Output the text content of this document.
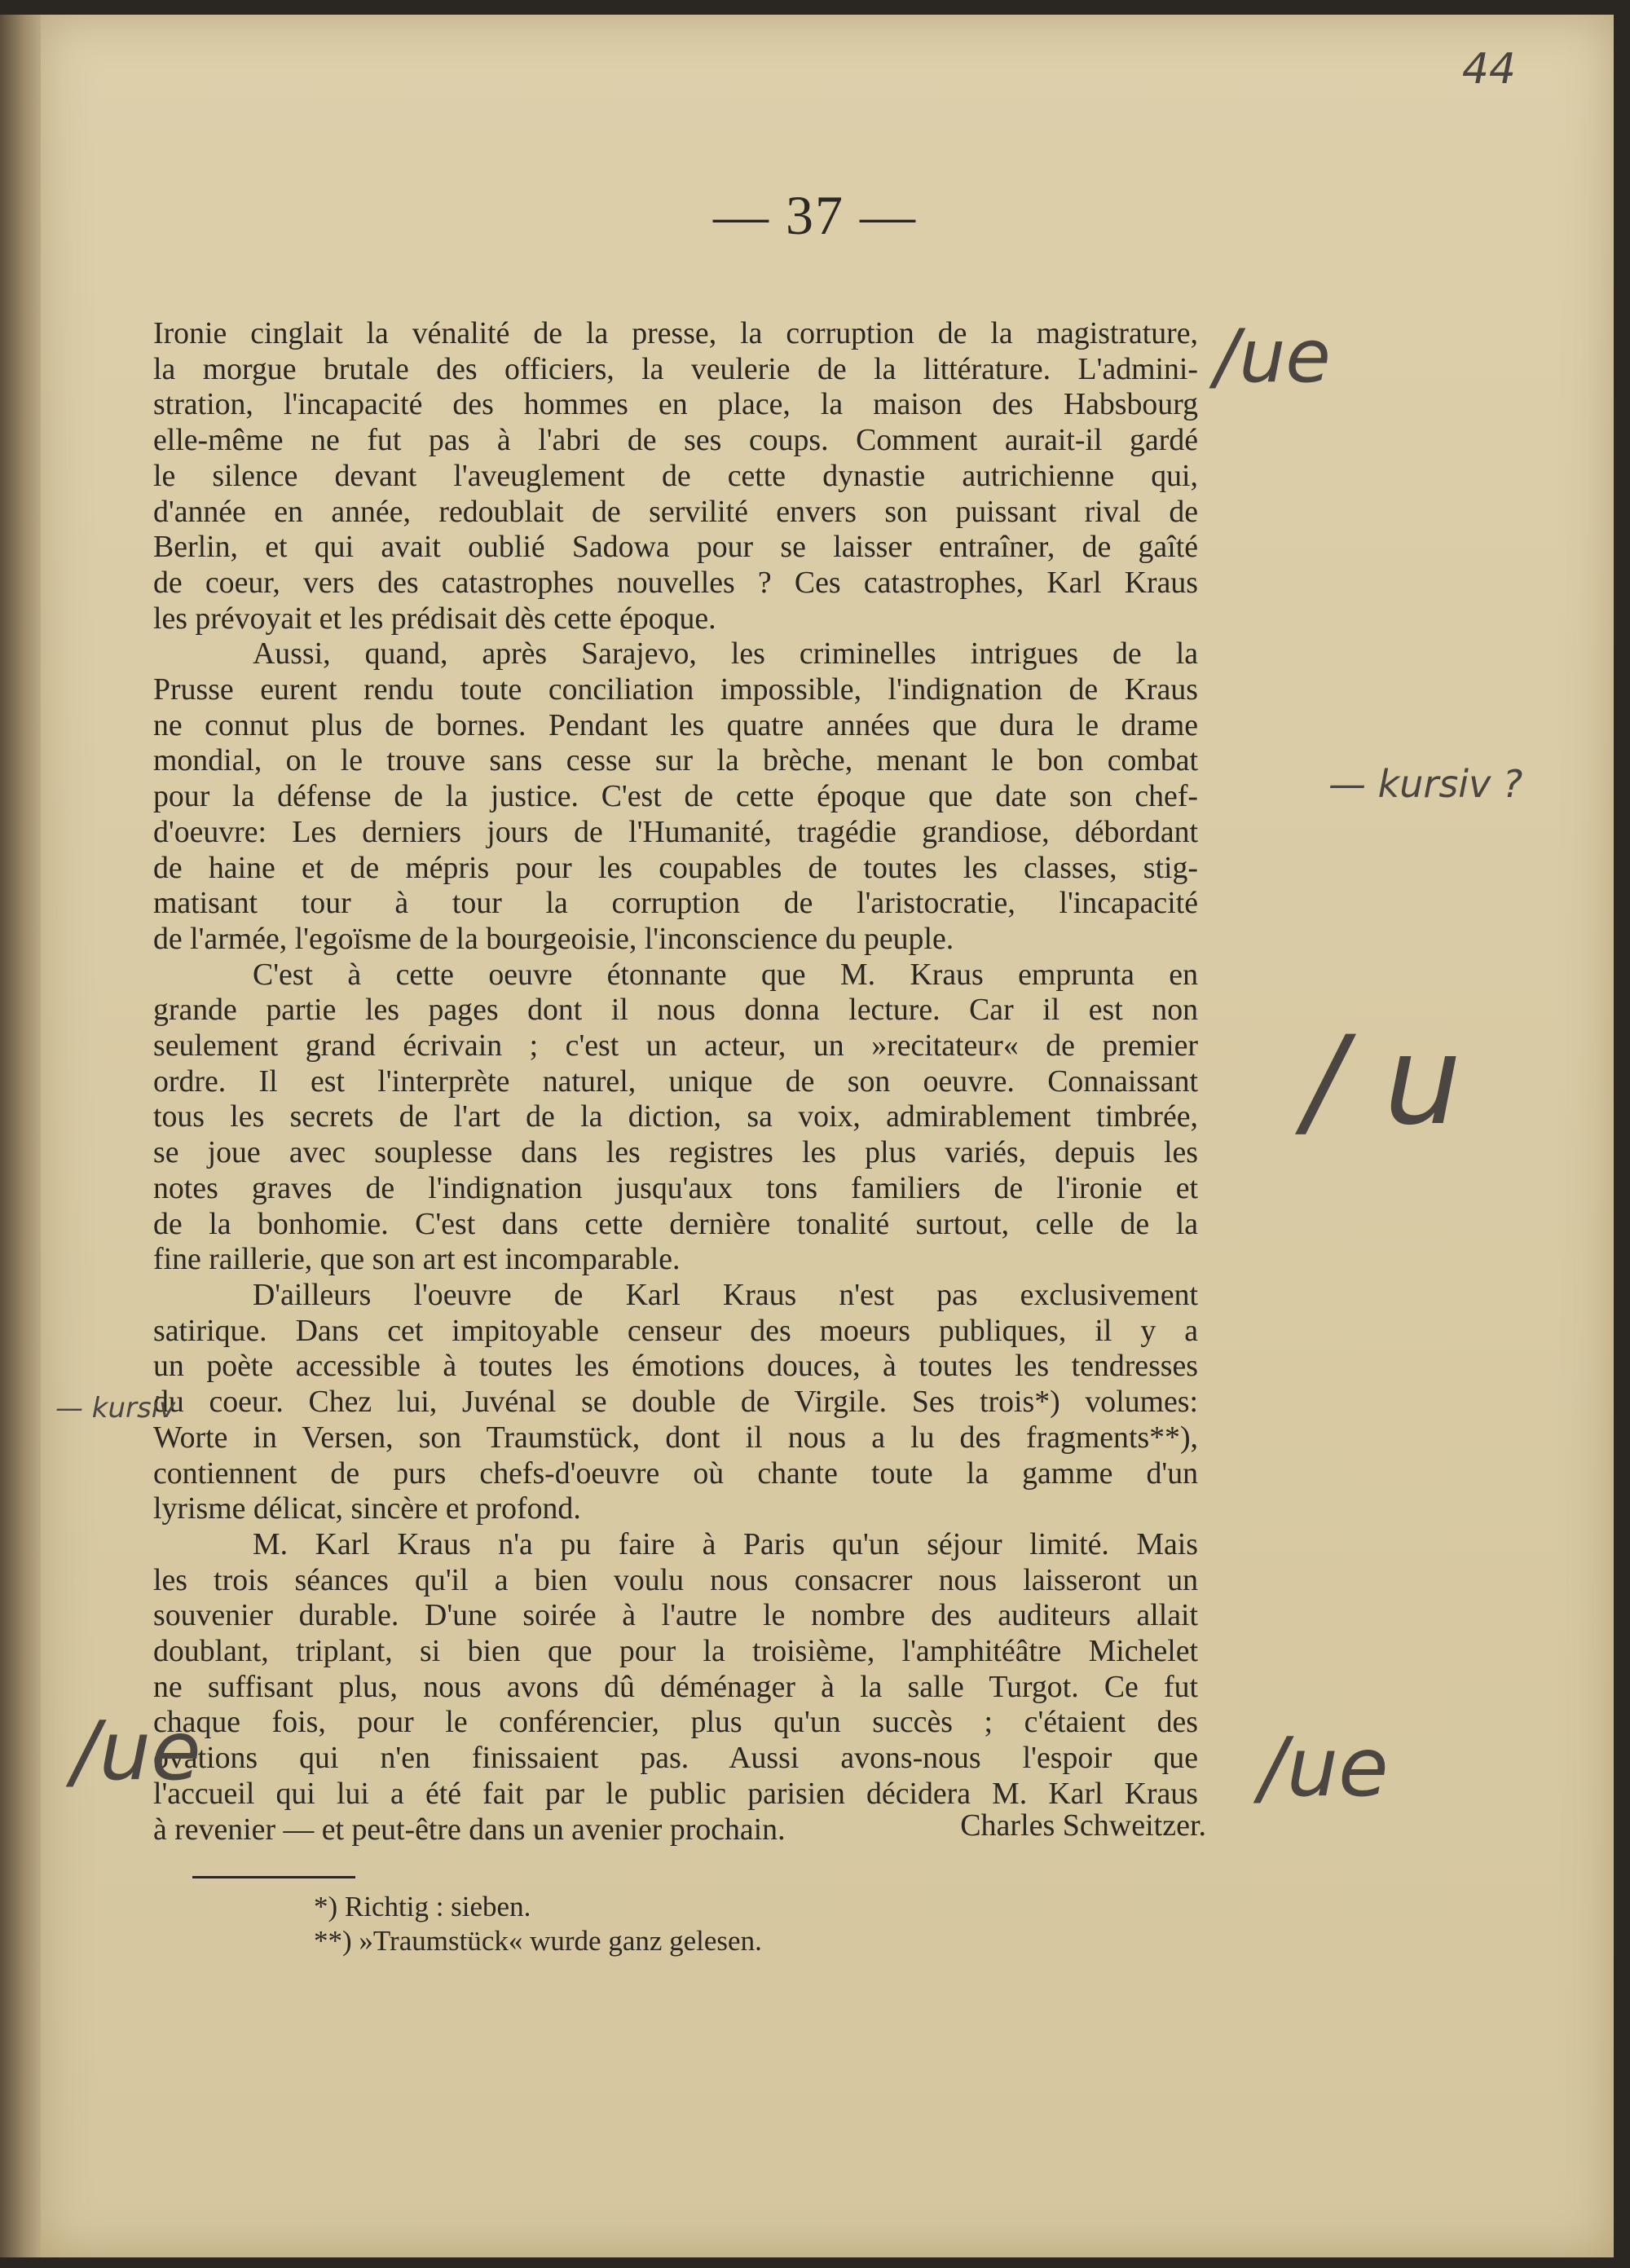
44
— 37 —

Ironie cinglait la vénalité de la presse, la corruption de la magistrature,

la morgue brutale des officiers, la veulerie de la littérature. L'admini-

stration, l'incapacité des hommes en place, la maison des Habsbourg

elle-même ne fut pas à l'abri de ses coups. Comment aurait-il gardé

le silence devant l'aveuglement de cette dynastie autrichienne qui,

d'année en année, redoublait de servilité envers son puissant rival de

Berlin, et qui avait oublié Sadowa pour se laisser entraîner, de gaîté

de coeur, vers des catastrophes nouvelles ? Ces catastrophes, Karl Kraus

les prévoyait et les prédisait dès cette époque.

Aussi, quand, après Sarajevo, les criminelles intrigues de la

Prusse eurent rendu toute conciliation impossible, l'indignation de Kraus

ne connut plus de bornes. Pendant les quatre années que dura le drame

mondial, on le trouve sans cesse sur la brèche, menant le bon combat

pour la défense de la justice. C'est de cette époque que date son chef-

d'oeuvre: Les derniers jours de l'Humanité, tragédie grandiose, débordant

de haine et de mépris pour les coupables de toutes les classes, stig-

matisant tour à tour la corruption de l'aristocratie, l'incapacité

de l'armée, l'egoïsme de la bourgeoisie, l'inconscience du peuple.

C'est à cette oeuvre étonnante que M. Kraus emprunta en

grande partie les pages dont il nous donna lecture. Car il est non

seulement grand écrivain ; c'est un acteur, un »recitateur« de premier

ordre. Il est l'interprète naturel, unique de son oeuvre. Connaissant

tous les secrets de l'art de la diction, sa voix, admirablement timbrée,

se joue avec souplesse dans les registres les plus variés, depuis les

notes graves de l'indignation jusqu'aux tons familiers de l'ironie et

de la bonhomie. C'est dans cette dernière tonalité surtout, celle de la

fine raillerie, que son art est incomparable.

D'ailleurs l'oeuvre de Karl Kraus n'est pas exclusivement

satirique. Dans cet impitoyable censeur des moeurs publiques, il y a

un poète accessible à toutes les émotions douces, à toutes les tendresses

du coeur. Chez lui, Juvénal se double de Virgile. Ses trois*) volumes:

Worte in Versen, son Traumstück, dont il nous a lu des fragments**),

contiennent de purs chefs-d'oeuvre où chante toute la gamme d'un

lyrisme délicat, sincère et profond.

M. Karl Kraus n'a pu faire à Paris qu'un séjour limité. Mais

les trois séances qu'il a bien voulu nous consacrer nous laisseront un

souvenier durable. D'une soirée à l'autre le nombre des auditeurs allait

doublant, triplant, si bien que pour la troisième, l'amphitéâtre Michelet

ne suffisant plus, nous avons dû déménager à la salle Turgot. Ce fut

chaque fois, pour le conférencier, plus qu'un succès ; c'étaient des

ovations qui n'en finissaient pas. Aussi avons-nous l'espoir que

l'accueil qui lui a été fait par le public parisien décidera M. Karl Kraus

à revenier — et peut-être dans un avenier prochain.	Charles Schweitzer.
*) Richtig : sieben.
**) »Traumstück« wurde ganz gelesen.
/ue
— kursiv ?
/ u
— kursiv
/ue	/ue
